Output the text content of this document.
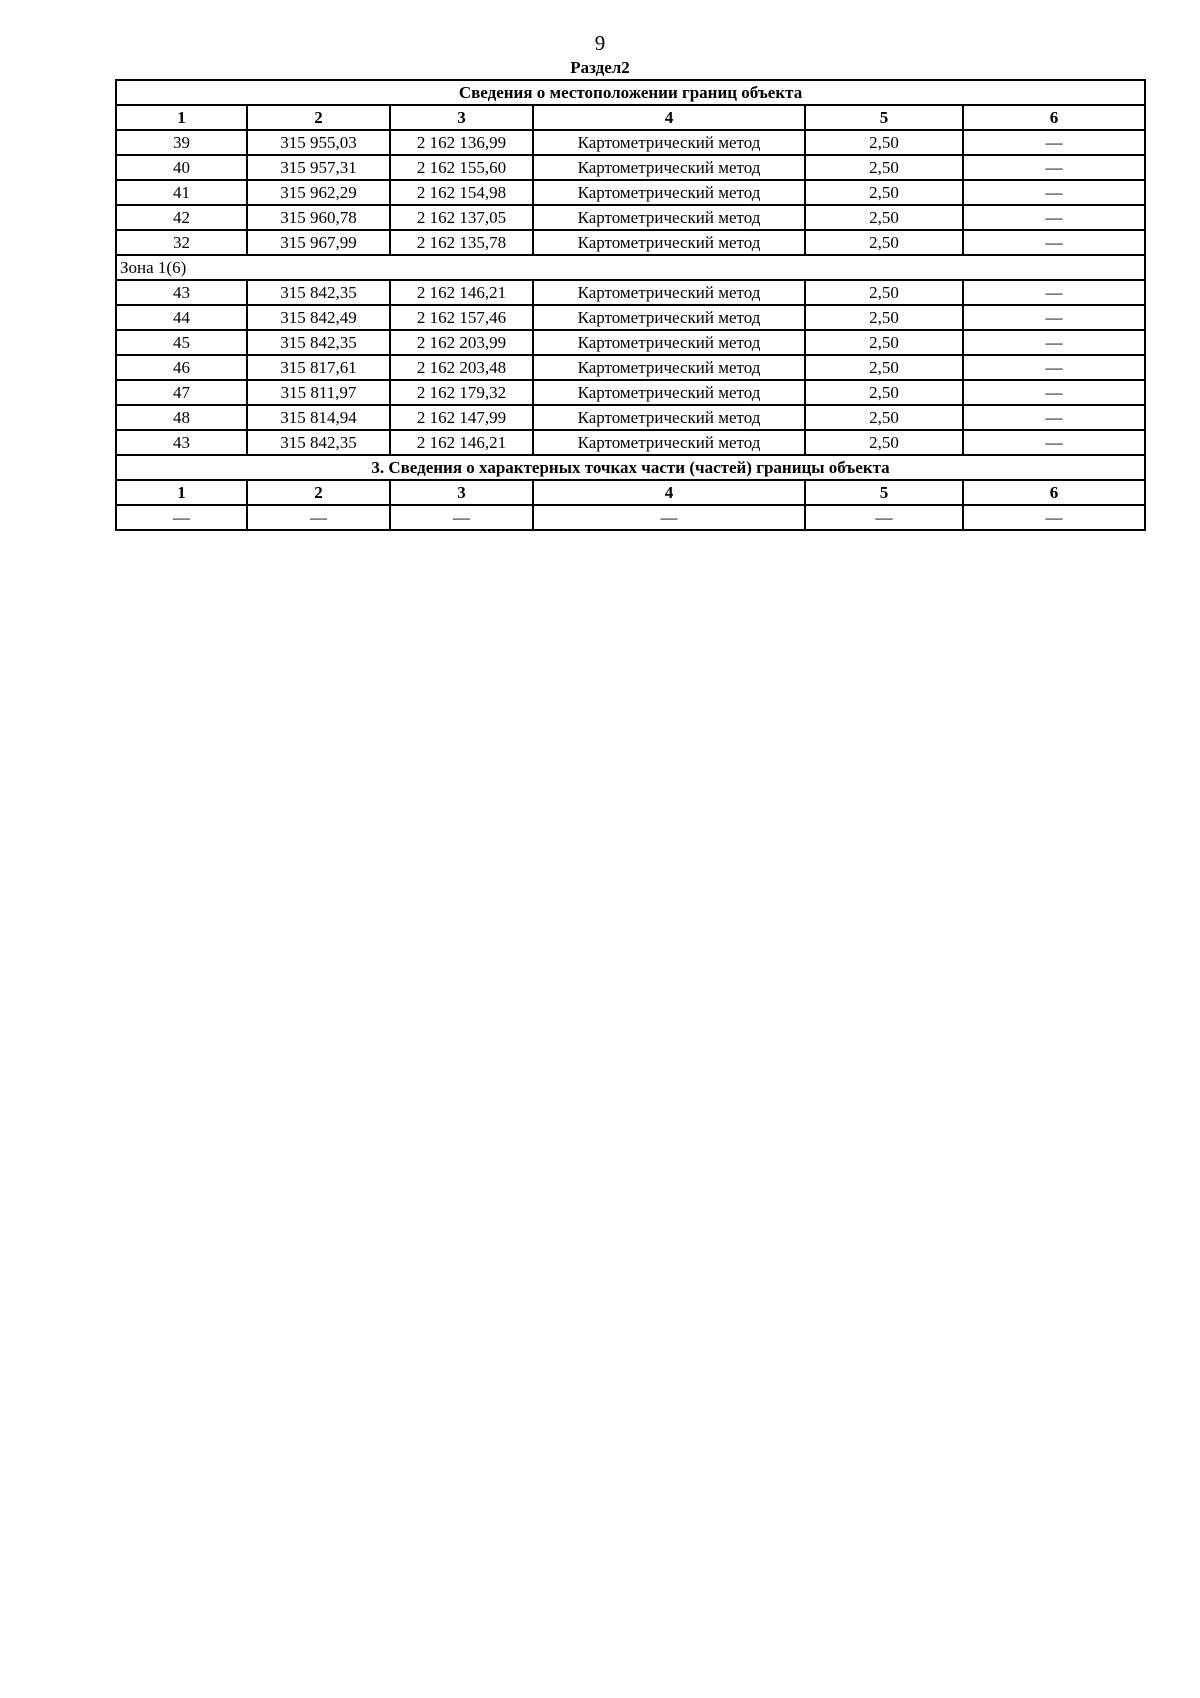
9
Раздел2
Сведения о местоположении границ объекта					
1	2	3	4	5	6
39	315 955,03	2 162 136,99	Картометрический метод	2,50	—
40	315 957,31	2 162 155,60	Картометрический метод	2,50	—
41	315 962,29	2 162 154,98	Картометрический метод	2,50	—
42	315 960,78	2 162 137,05	Картометрический метод	2,50	—
32	315 967,99	2 162 135,78	Картометрический метод	2,50	—
Зона 1(6)					
43	315 842,35	2 162 146,21	Картометрический метод	2,50	—
44	315 842,49	2 162 157,46	Картометрический метод	2,50	—
45	315 842,35	2 162 203,99	Картометрический метод	2,50	—
46	315 817,61	2 162 203,48	Картометрический метод	2,50	—
47	315 811,97	2 162 179,32	Картометрический метод	2,50	—
48	315 814,94	2 162 147,99	Картометрический метод	2,50	—
43	315 842,35	2 162 146,21	Картометрический метод	2,50	—
3. Сведения о характерных точках части (частей) границы объекта					
1	2	3	4	5	6
—	—	—	—	—	—
